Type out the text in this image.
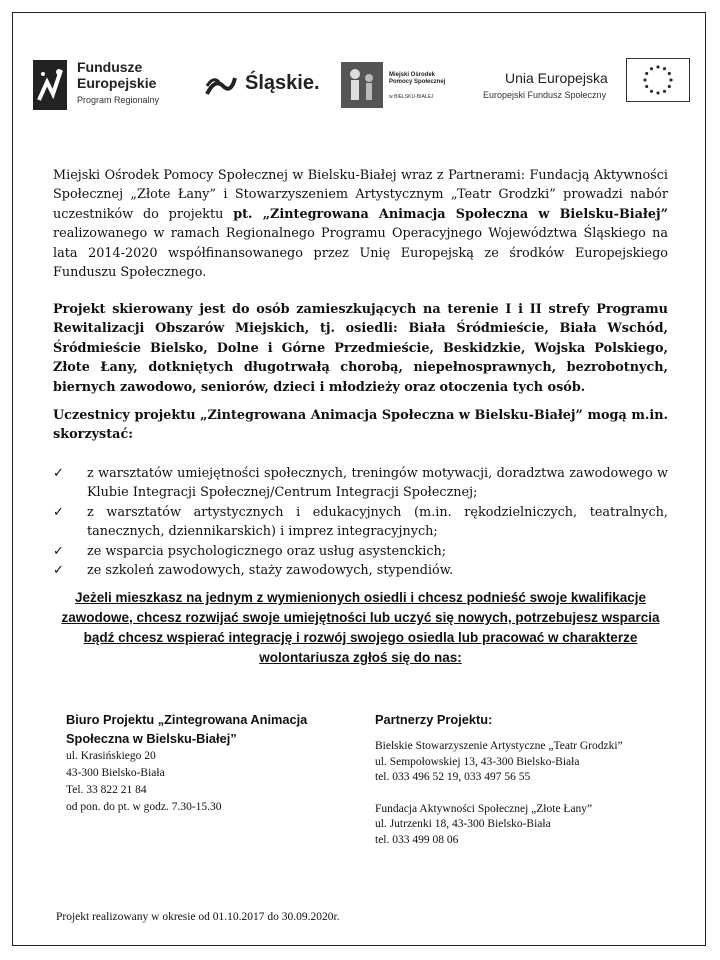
Fundusze
Europejskie
Program Regionalny
Śląskie.	Miejski Ośrodek Pomocy Społecznej
w BIELSKU-BIAŁEJ
Unia Europejska
Europejski Fundusz Społeczny

Miejski Ośrodek Pomocy Społecznej w Bielsku-Białej wraz z Partnerami: Fundacją Aktywności Społecznej „Złote Łany” i Stowarzyszeniem Artystycznym „Teatr Grodzki” prowadzi nabór uczestników do projektu pt. „Zintegrowana Animacja Społeczna w Bielsku-Białej” realizowanego w ramach Regionalnego Programu Operacyjnego Województwa Śląskiego na lata 2014-2020 współfinansowanego przez Unię Europejską ze środków Europejskiego Funduszu Społecznego.

Projekt skierowany jest do osób zamieszkujących na terenie I i II strefy Programu Rewitalizacji Obszarów Miejskich, tj. osiedli: Biała Śródmieście, Biała Wschód, Śródmieście Bielsko, Dolne i Górne Przedmieście, Beskidzkie, Wojska Polskiego, Złote Łany, dotkniętych długotrwałą chorobą, niepełnosprawnych, bezrobotnych, biernych zawodowo, seniorów, dzieci i młodzieży oraz otoczenia tych osób.

Uczestnicy projektu „Zintegrowana Animacja Społeczna w Bielsku-Białej” mogą m.in. skorzystać:

✓ z warsztatów umiejętności społecznych, treningów motywacji, doradztwa zawodowego w Klubie Integracji Społecznej/Centrum Integracji Społecznej;
✓ z warsztatów artystycznych i edukacyjnych (m.in. rękodzielniczych, teatralnych, tanecznych, dziennikarskich) i imprez integracyjnych;
✓ ze wsparcia psychologicznego oraz usług asystenckich;
✓ ze szkoleń zawodowych, staży zawodowych, stypendiów.

Jeżeli mieszkasz na jednym z wymienionych osiedli i chcesz podnieść swoje kwalifikacje zawodowe, chcesz rozwijać swoje umiejętności lub uczyć się nowych, potrzebujesz wsparcia bądź chcesz wspierać integrację i rozwój swojego osiedla lub pracować w charakterze wolontariusza zgłoś się do nas:

Biuro Projektu „Zintegrowana Animacja Społeczna w Bielsku-Białej”
ul. Krasińskiego 20
43-300 Bielsko-Biała
Tel. 33 822 21 84
od pon. do pt. w godz. 7.30-15.30
Partnerzy Projektu:
Bielskie Stowarzyszenie Artystyczne „Teatr Grodzki”
ul. Sempołowskiej 13, 43-300 Bielsko-Biała
tel. 033 496 52 19, 033 497 56 55
Fundacja Aktywności Społecznej „Złote Łany”
ul. Jutrzenki 18, 43-300 Bielsko-Biała
tel. 033 499 08 06
Projekt realizowany w okresie od 01.10.2017 do 30.09.2020r.
